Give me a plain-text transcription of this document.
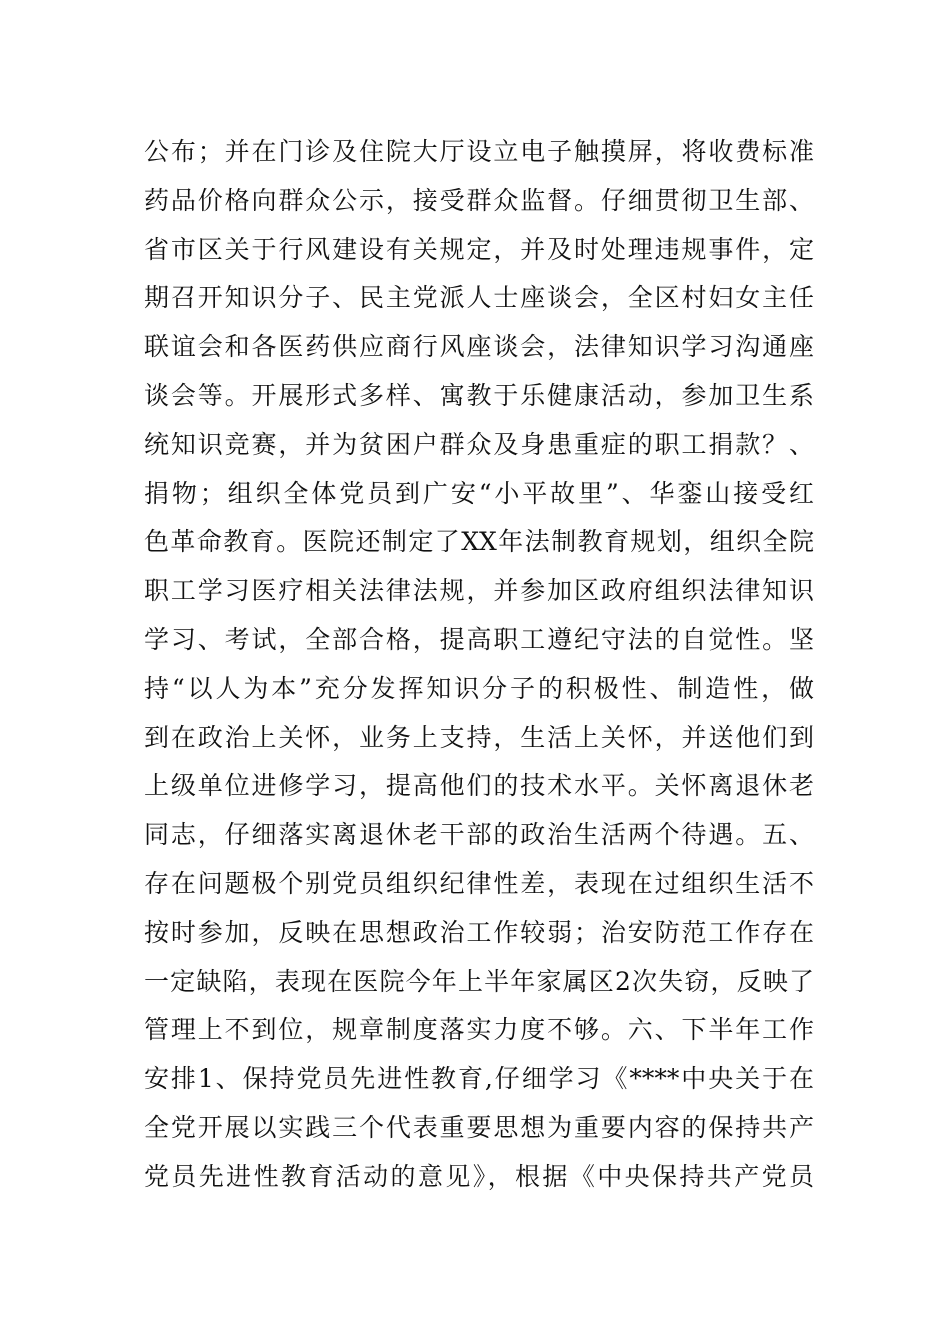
公布；并在门诊及住院大厅设立电子触摸屏，将收费标准
药品价格向群众公示，接受群众监督。仔细贯彻卫生部、
省市区关于行风建设有关规定，并及时处理违规事件，定
期召开知识分子、民主党派人士座谈会，全区村妇女主任
联谊会和各医药供应商行风座谈会，法律知识学习沟通座
谈会等。开展形式多样、寓教于乐健康活动，参加卫生系
统知识竞赛，并为贫困户群众及身患重症的职工捐款？、
捐物；组织全体党员到广安“小平故里”、华銮山接受红
色革命教育。医院还制定了XX年法制教育规划，组织全院
职工学习医疗相关法律法规，并参加区政府组织法律知识
学习、考试，全部合格，提高职工遵纪守法的自觉性。坚
持“以人为本”充分发挥知识分子的积极性、制造性，做
到在政治上关怀，业务上支持，生活上关怀，并送他们到
上级单位进修学习，提高他们的技术水平。关怀离退休老
同志，仔细落实离退休老干部的政治生活两个待遇。五、
存在问题极个别党员组织纪律性差，表现在过组织生活不
按时参加，反映在思想政治工作较弱；治安防范工作存在
一定缺陷，表现在医院今年上半年家属区2次失窃，反映了
管理上不到位，规章制度落实力度不够。六、下半年工作
安排1、保持党员先进性教育,仔细学习《****中央关于在
全党开展以实践三个代表重要思想为重要内容的保持共产
党员先进性教育活动的意见》，根据《中央保持共产党员
